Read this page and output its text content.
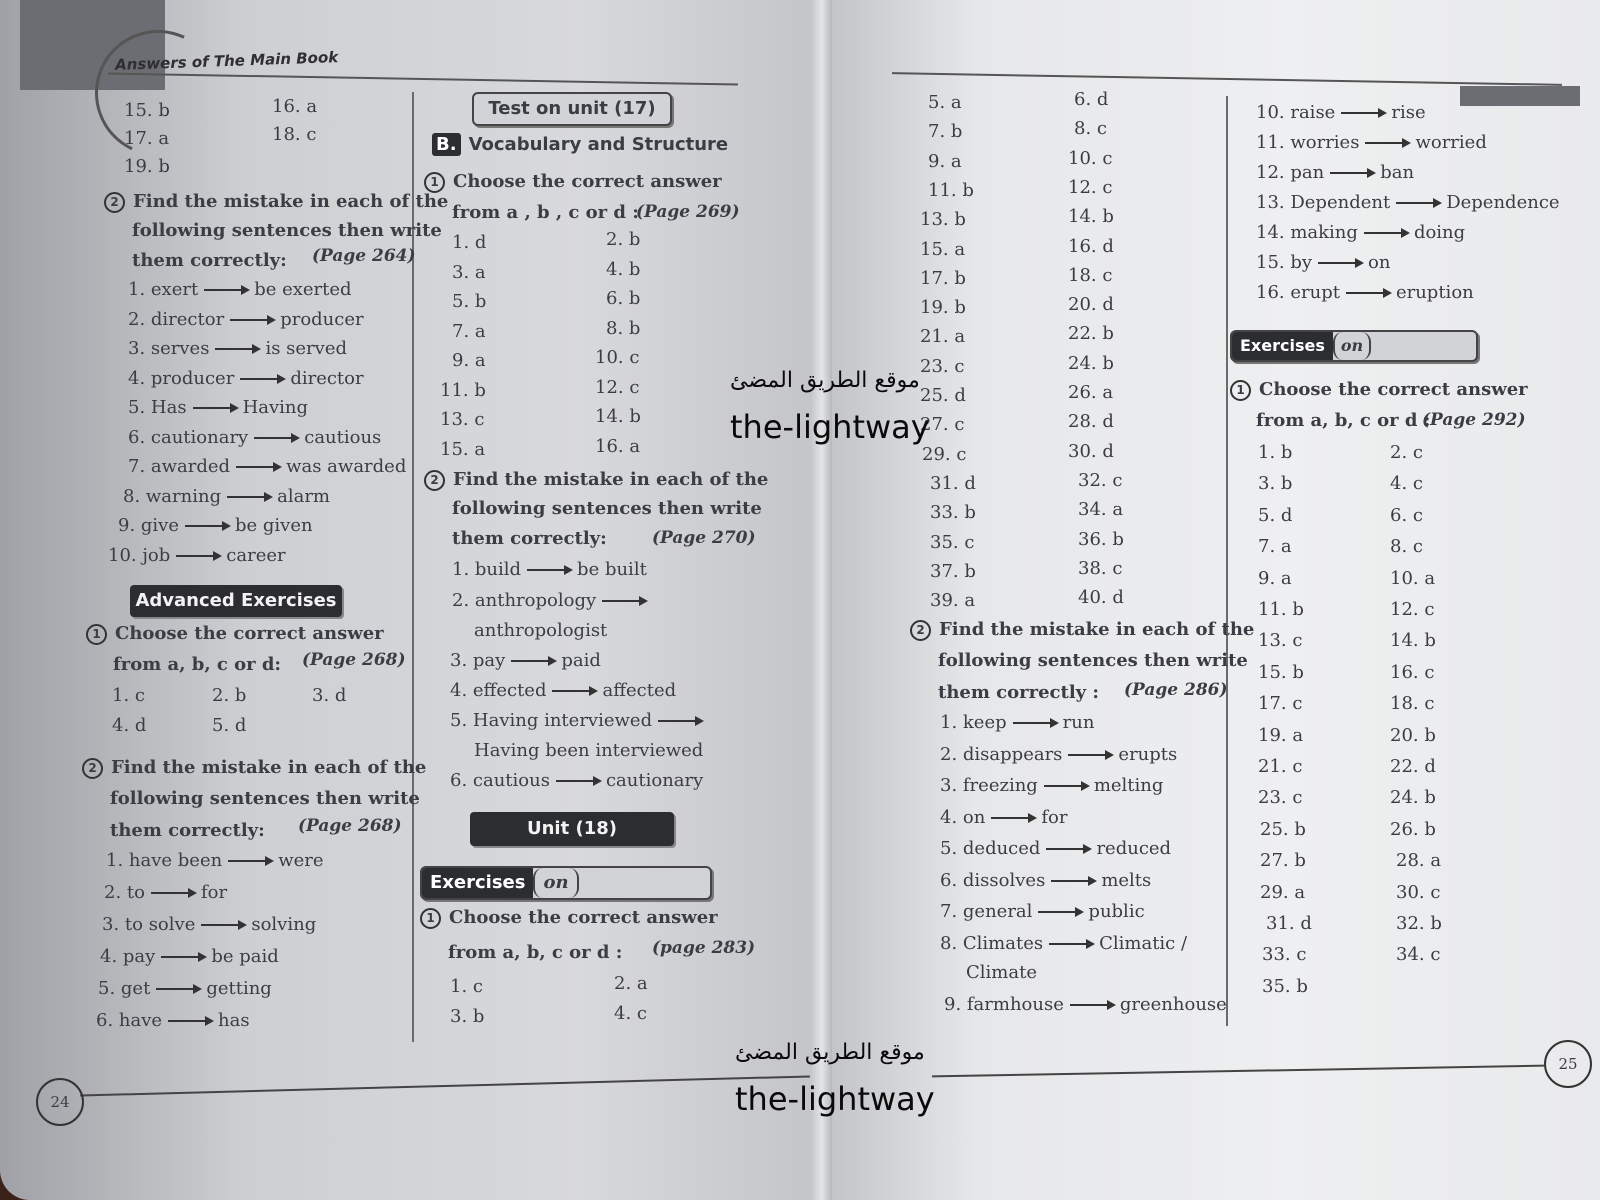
Answers of The Main Book
15. b	16. a
17. a	18. c
19. b
2 Find the mistake in each of the
following sentences then write
them correctly: (Page 264)
1. exert	be exerted
2. director	producer
3. serves	is served
4. producer	director
5. Has	Having
6. cautionary	cautious
7. awarded	was awarded
8. warning	alarm
9. give	be given
10. job	career
Advanced Exercises
1 Choose the correct answer
from a, b, c or d: (Page 268)
1. c	2. b	3. d
4. d	5. d
2 Find the mistake in each of the
following sentences then write
them correctly: (Page 268)
1. have been	were
2. to	for
3. to solve	solving
4. pay	be paid
5. get	getting
6. have	has
Test on unit (17)
B. Vocabulary and Structure
1 Choose the correct answer
from a , b , c or d :
(Page 269)
1. d	2. b
3. a	4. b
5. b	6. b
7. a	8. b
9. a	10. c
11. b	12. c
13. c	14. b
15. a	16. a
2 Find the mistake in each of the
following sentences then write
them correctly:	(Page 270)
1. build	be built
2. anthropology
anthropologist
3. pay	paid
4. effected	affected
5. Having interviewed
Having been interviewed
6. cautious	cautionary
Unit (18)
Exercises on
1 Choose the correct answer
from a, b, c or d : (page 283)
1. c	2. a
3. b	4. c
24
5. a	6. d
7. b	8. c
9. a	10. c
11. b	12. c
13. b	14. b
15. a	16. d
17. b	18. c
19. b	20. d
21. a	22. b
23. c	24. b
25. d	26. a
27. c	28. d
29. c	30. d
31. d	32. c
33. b	34. a
35. c	36. b
37. b	38. c
39. a	40. d
2 Find the mistake in each of the
following sentences then write
them correctly : (Page 286)
1. keep	run
2. disappears	erupts
3. freezing	melting
4. on	for
5. deduced	reduced
6. dissolves	melts
7. general	public
8. Climates	Climatic /
Climate
9. farmhouse	greenhouse
10. raise	rise
11. worries	worried
12. pan	ban
13. Dependent	Dependence
14. making	doing
15. by	on
16. erupt	eruption
Exercises on
1 Choose the correct answer
from a, b, c or d :
(Page 292)
1. b	2. c
3. b	4. c
5. d	6. c
7. a	8. c
9. a	10. a
11. b	12. c
13. c	14. b
15. b	16. c
17. c	18. c
19. a	20. b
21. c	22. d
23. c	24. b
25. b	26. b
27. b	28. a
29. a	30. c
31. d	32. b
33. c	34. c
35. b
25
موقع الطريق المضئ
the-lightway
موقع الطريق المضئ
the-lightway
